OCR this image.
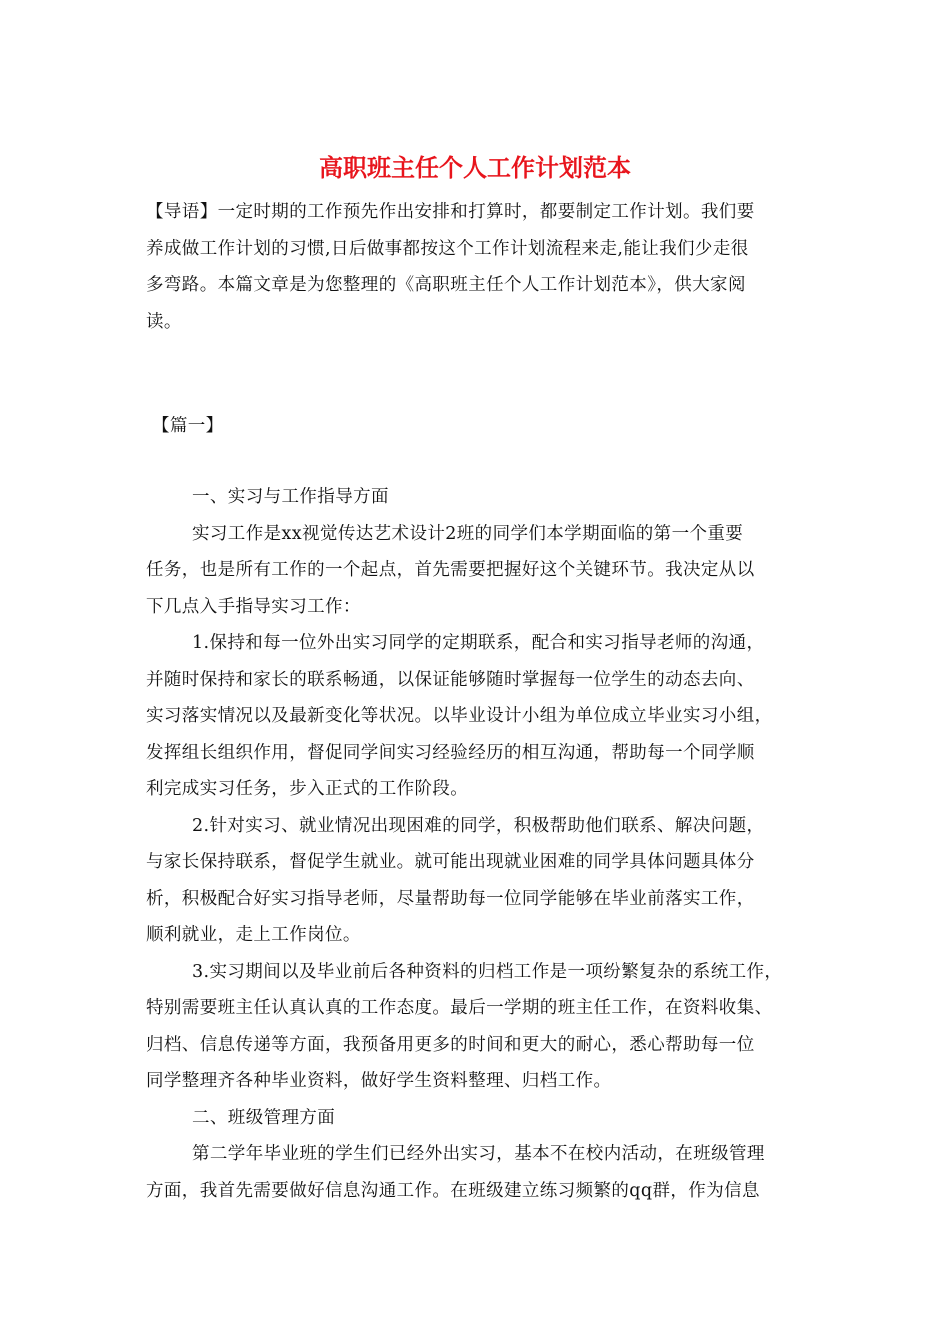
高职班主任个人工作计划范本
【导语】一定时期的工作预先作出安排和打算时，都要制定工作计划。我们要
养成做工作计划的习惯,日后做事都按这个工作计划流程来走,能让我们少走很
多弯路。本篇文章是为您整理的《高职班主任个人工作计划范本》，供大家阅
读。
【篇一】
一、实习与工作指导方面
实习工作是xx视觉传达艺术设计2班的同学们本学期面临的第一个重要
任务，也是所有工作的一个起点，首先需要把握好这个关键环节。我决定从以
下几点入手指导实习工作：
1.保持和每一位外出实习同学的定期联系，配合和实习指导老师的沟通，
并随时保持和家长的联系畅通，以保证能够随时掌握每一位学生的动态去向、
实习落实情况以及最新变化等状况。以毕业设计小组为单位成立毕业实习小组，
发挥组长组织作用，督促同学间实习经验经历的相互沟通，帮助每一个同学顺
利完成实习任务，步入正式的工作阶段。
2.针对实习、就业情况出现困难的同学，积极帮助他们联系、解决问题，
与家长保持联系，督促学生就业。就可能出现就业困难的同学具体问题具体分
析，积极配合好实习指导老师，尽量帮助每一位同学能够在毕业前落实工作，
顺利就业，走上工作岗位。
3.实习期间以及毕业前后各种资料的归档工作是一项纷繁复杂的系统工作，
特别需要班主任认真认真的工作态度。最后一学期的班主任工作，在资料收集、
归档、信息传递等方面，我预备用更多的时间和更大的耐心，悉心帮助每一位
同学整理齐各种毕业资料，做好学生资料整理、归档工作。
二、班级管理方面
第二学年毕业班的学生们已经外出实习，基本不在校内活动，在班级管理
方面，我首先需要做好信息沟通工作。在班级建立练习频繁的qq群，作为信息
